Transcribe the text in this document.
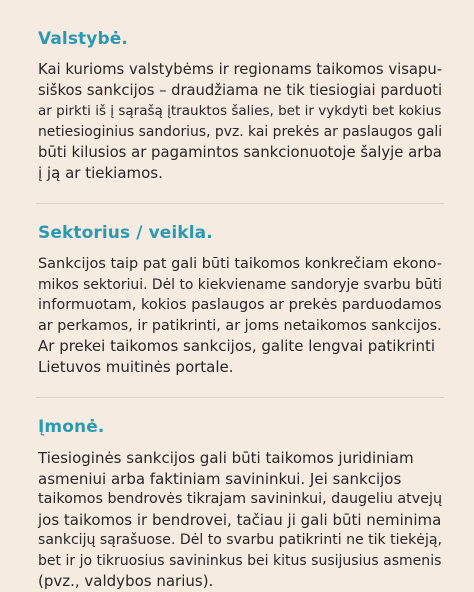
Valstybė.

Kai kurioms valstybėms ir regionams taikomos visapu-
siškos sankcijos – draudžiama ne tik tiesiogiai parduoti
ar pirkti iš į sąrašą įtrauktos šalies, bet ir vykdyti bet kokius
netiesioginius sandorius, pvz. kai prekės ar paslaugos gali
būti kilusios ar pagamintos sankcionuotoje šalyje arba
į ją ar tiekiamos.

Sektorius / veikla.

Sankcijos taip pat gali būti taikomos konkrečiam ekono-
mikos sektoriui. Dėl to kiekviename sandoryje svarbu būti
informuotam, kokios paslaugos ar prekės parduodamos
ar perkamos, ir patikrinti, ar joms netaikomos sankcijos.
Ar prekei taikomos sankcijos, galite lengvai patikrinti
Lietuvos muitinės portale.

Įmonė.

Tiesioginės sankcijos gali būti taikomos juridiniam
asmeniui arba faktiniam savininkui. Jei sankcijos
taikomos bendrovės tikrajam savininkui, daugeliu atvejų
jos taikomos ir bendrovei, tačiau ji gali būti neminima
sankcijų sąrašuose. Dėl to svarbu patikrinti ne tik tiekėją,
bet ir jo tikruosius savininkus bei kitus susijusius asmenis
(pvz., valdybos narius).
